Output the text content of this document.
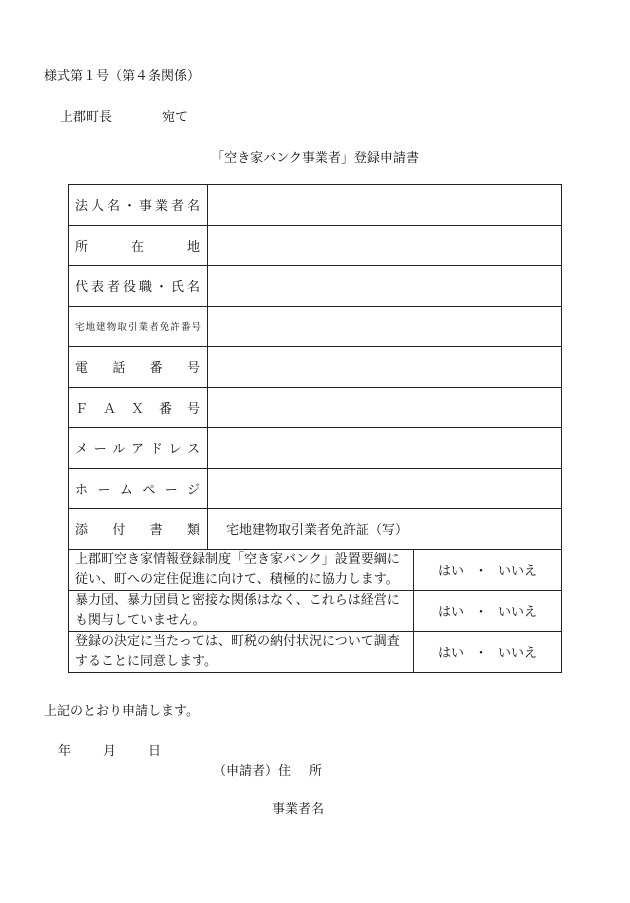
様式第１号（第４条関係）
上郡町長	宛て
「空き家バンク事業者」登録申請書
法人名・事業者名		

所在地		

代表者役職・氏名		

宅地建物取引業者免許番号		

電話番号		

ＦＡＸ番号		

メールアドレス		

ホームページ		

添付書類	宅地建物取引業者免許証（写）	
上郡町空き家情報登録制度「空き家バンク」設置要綱に従い、町への定住促進に向けて、積極的に協力します。		はい ・ いいえ
暴力団、暴力団員と密接な関係はなく、これらは経営にも関与していません。		はい ・ いいえ
登録の決定に当たっては、町税の納付状況について調査することに同意します。		はい ・ いいえ
上記のとおり申請します。
年 月 日
（申請者）住 所
事業者名
